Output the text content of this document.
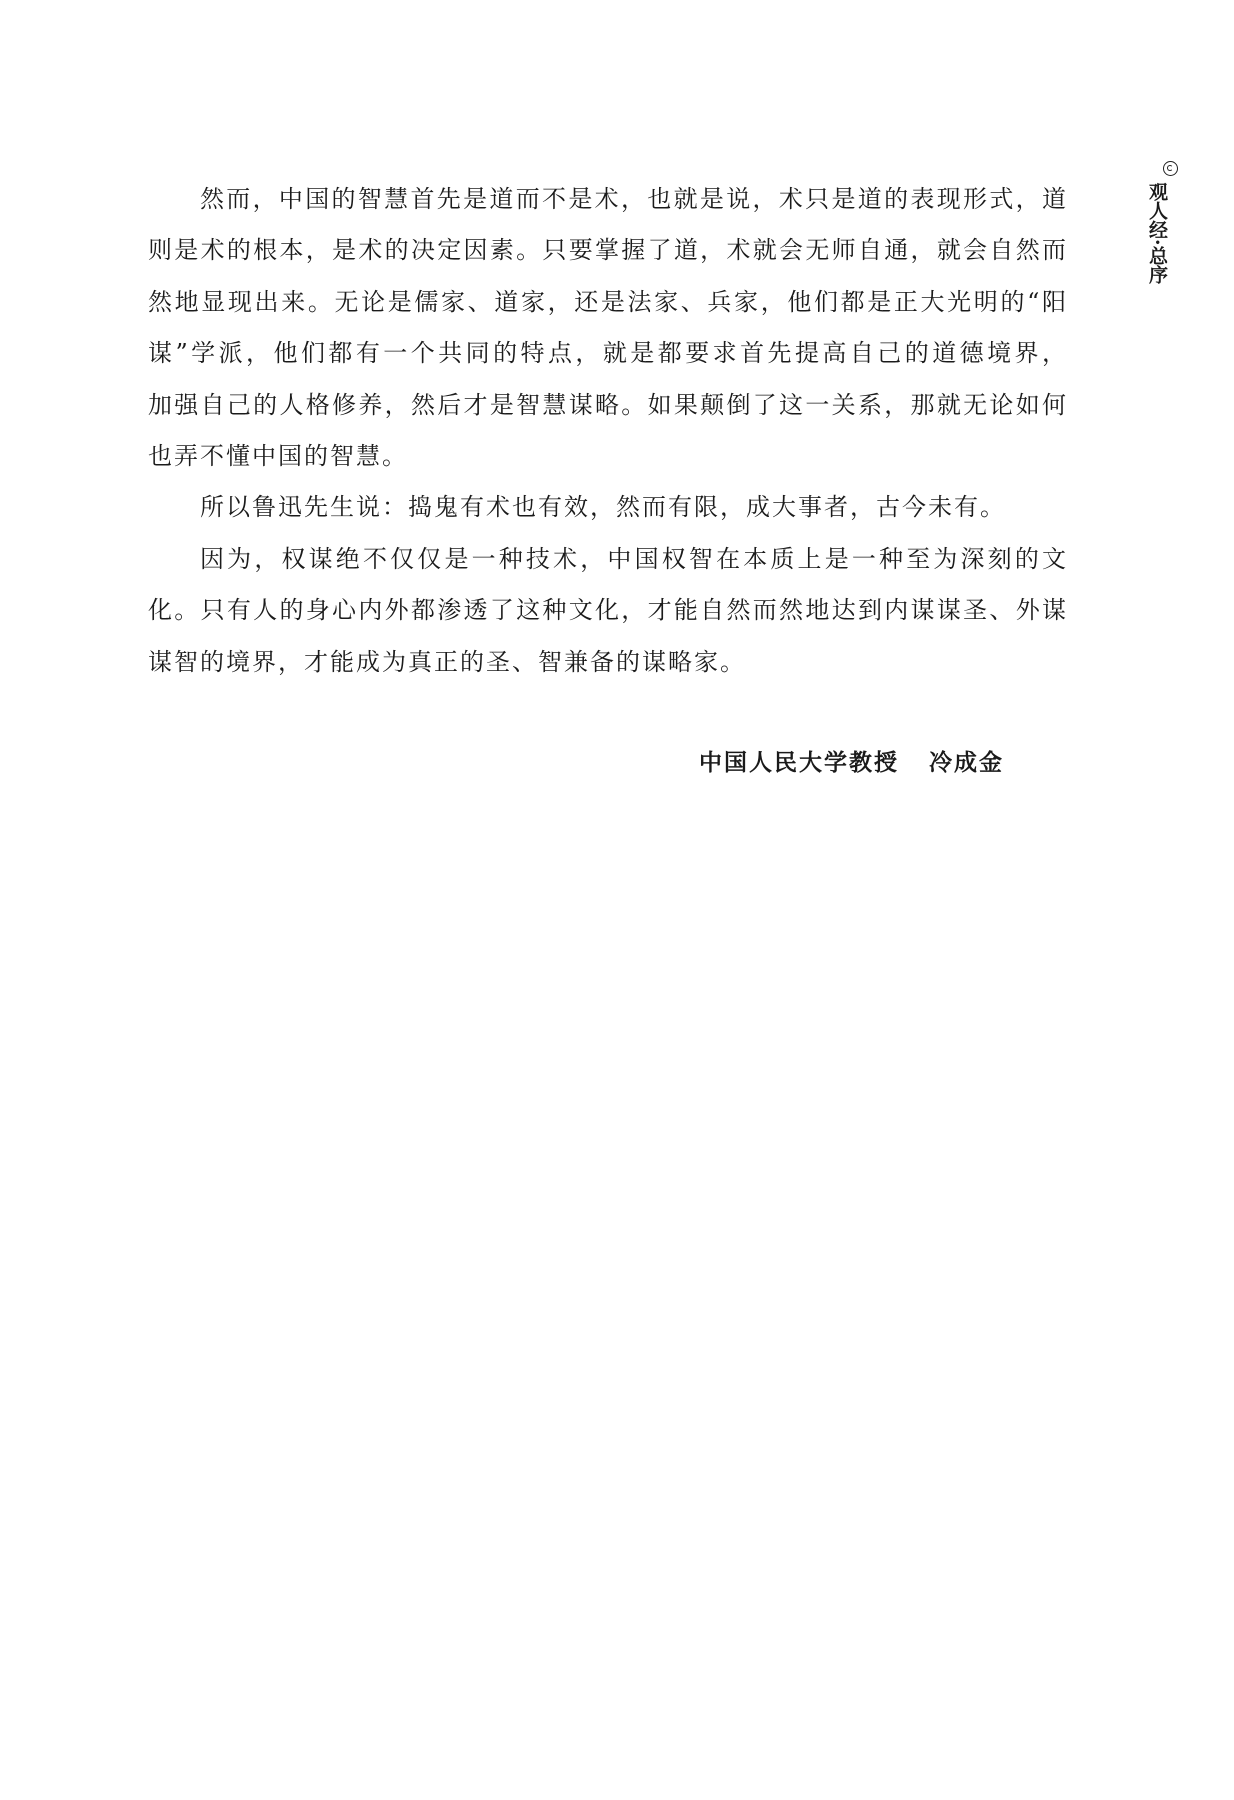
观人经·总序
然而，中国的智慧首先是道而不是术，也就是说，术只是道的表现形式，道
则是术的根本，是术的决定因素。只要掌握了道，术就会无师自通，就会自然而
然地显现出来。无论是儒家、道家，还是法家、兵家，他们都是正大光明的“阳
谋”学派，他们都有一个共同的特点，就是都要求首先提高自己的道德境界，
加强自己的人格修养，然后才是智慧谋略。如果颠倒了这一关系，那就无论如何
也弄不懂中国的智慧。
所以鲁迅先生说：捣鬼有术也有效，然而有限，成大事者，古今未有。
因为，权谋绝不仅仅是一种技术，中国权智在本质上是一种至为深刻的文
化。只有人的身心内外都渗透了这种文化，才能自然而然地达到内谋谋圣、外谋
谋智的境界，才能成为真正的圣、智兼备的谋略家。
中国人民大学教授 冷成金
